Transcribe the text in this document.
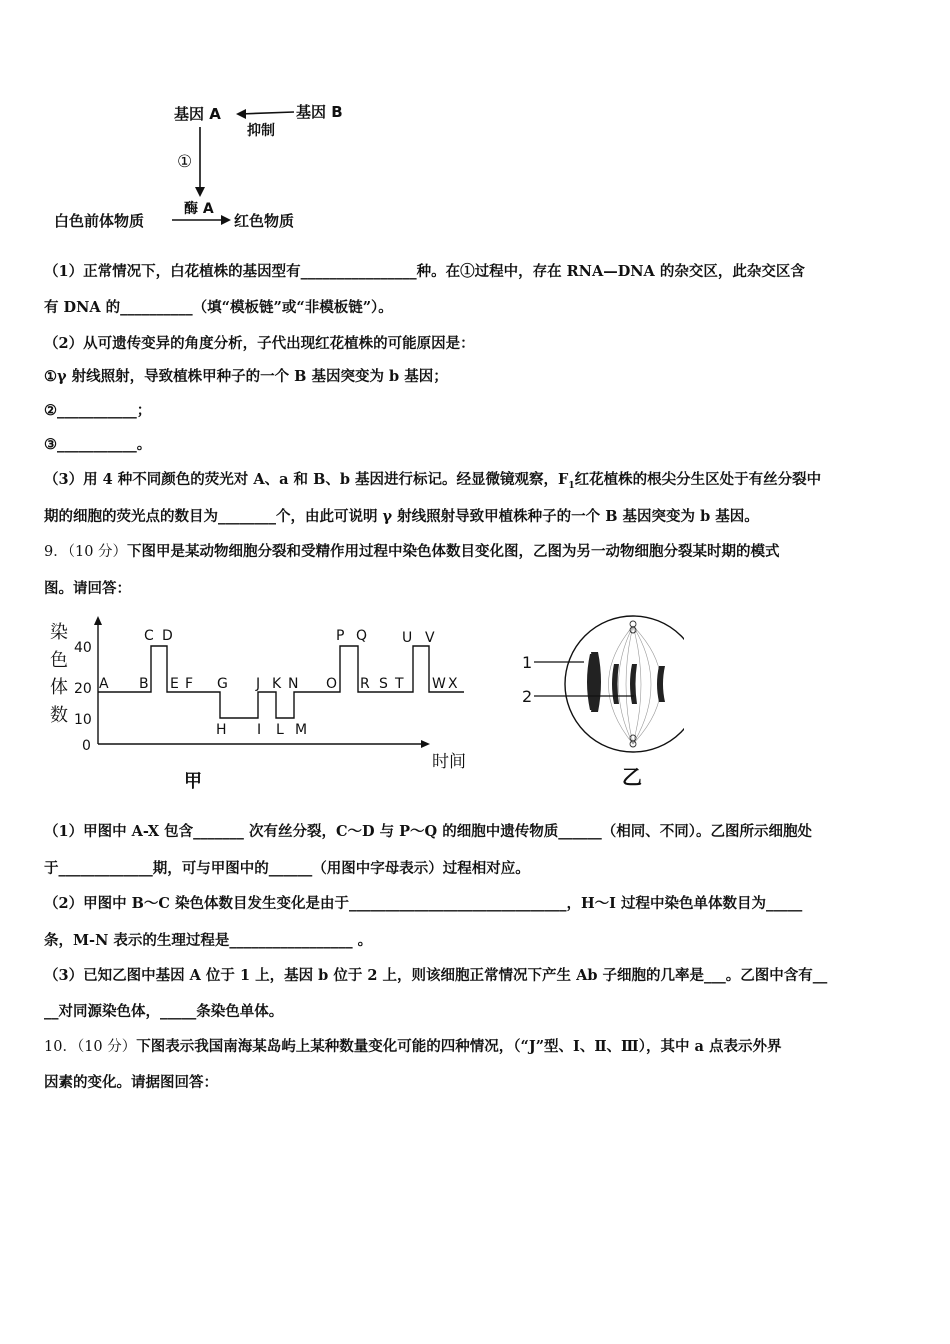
基因 A	基因 B
抑制
①
白色前体物质
酶 A
红色物质
（1）正常情况下，白花植株的基因型有________________种。在①过程中，存在 RNA—DNA 的杂交区，此杂交区含
有 DNA 的__________（填“模板链”或“非模板链”）。
（2）从可遗传变异的角度分析，子代出现红花植株的可能原因是：
①γ 射线照射，导致植株甲种子的一个 B 基因突变为 b 基因；
②___________；
③___________。
（3）用 4 种不同颜色的荧光对 A、a 和 B、b 基因进行标记。经显微镜观察，$F_1$红花植株的根尖分生区处于有丝分裂中
期的细胞的荧光点的数目为________个，由此可说明 γ 射线照射导致甲植株种子的一个 B 基因突变为 b 基因。
9．（10 分）下图甲是某动物细胞分裂和受精作用过程中染色体数目变化图，乙图为另一动物细胞分裂某时期的模式
图。请回答：
染
色
体
数
40
20
10
0
甲
时间
C D	P Q U V
A B E F G J K N O R S T W X
H I L M
1
2
乙
（1）甲图中 A-X 包含_______ 次有丝分裂，C～D 与 P～Q 的细胞中遗传物质______（相同、不同）。乙图所示细胞处
于_____________期，可与甲图中的______（用图中字母表示）过程相对应。
（2）甲图中 B～C 染色体数目发生变化是由于______________________________，H～I 过程中染色单体数目为_____
条，M-N 表示的生理过程是_________________ 。
（3）已知乙图中基因 A 位于 1 上，基因 b 位于 2 上，则该细胞正常情况下产生 Ab 子细胞的几率是___。乙图中含有__
__对同源染色体，_____条染色单体。
10．（10 分）下图表示我国南海某岛屿上某种数量变化可能的四种情况，（“J”型、Ⅰ、Ⅱ、Ⅲ），其中 a 点表示外界
因素的变化。请据图回答：
